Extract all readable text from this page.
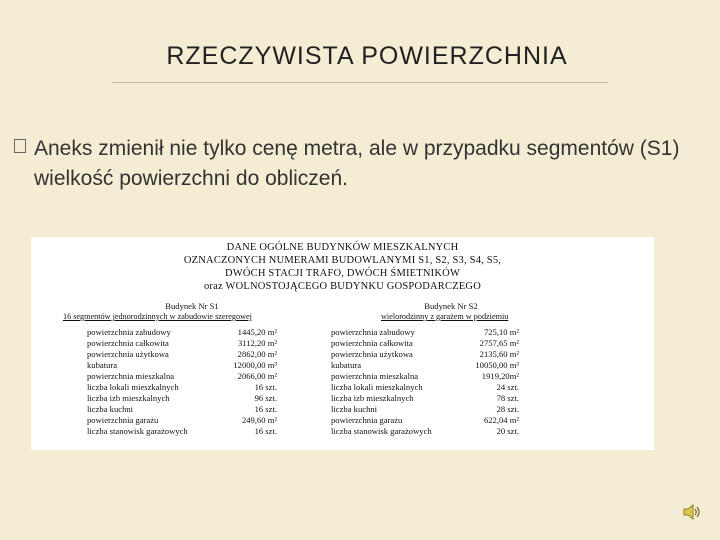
RZECZYWISTA POWIERZCHNIA
Aneks zmienił nie tylko cenę metra, ale w przypadku segmentów (S1) wielkość powierzchni do obliczeń.
DANE OGÓLNE BUDYNKÓW MIESZKALNYCH
OZNACZONYCH NUMERAMI BUDOWLANYMI S1, S2, S3, S4, S5,
DWÓCH STACJI TRAFO, DWÓCH ŚMIETNIKÓW
oraz WOLNOSTOJĄCEGO BUDYNKU GOSPODARCZEGO
Budynek Nr S1
16 segmentów jednorodzinnych w zabudowie szeregowej
powierzchnia zabudowy	1445,20 m²
powierzchnia całkowita	3112,20 m²
powierzchnia użytkowa	2862,00 m²
kubatura	12000,00 m³
powierzchnia mieszkalna	2066,00 m²
liczba lokali mieszkalnych	16 szt.
liczba izb mieszkalnych	96 szt.
liczba kuchni	16 szt.
powierzchnia garażu	249,60 m²
liczba stanowisk garażowych	16 szt.
Budynek Nr S2
wielorodzinny z garażem w podziemiu
powierzchnia zabudowy	725,10 m²
powierzchnia całkowita	2757,65 m²
powierzchnia użytkowa	2135,60 m²
kubatura	10050,00 m³
powierzchnia mieszkalna	1919,20m²
liczba lokali mieszkalnych	24 szt.
liczba izb mieszkalnych	78 szt.
liczba kuchni	28 szt.
powierzchnia garażu	622,04 m²
liczba stanowisk garażowych	20 szt.
